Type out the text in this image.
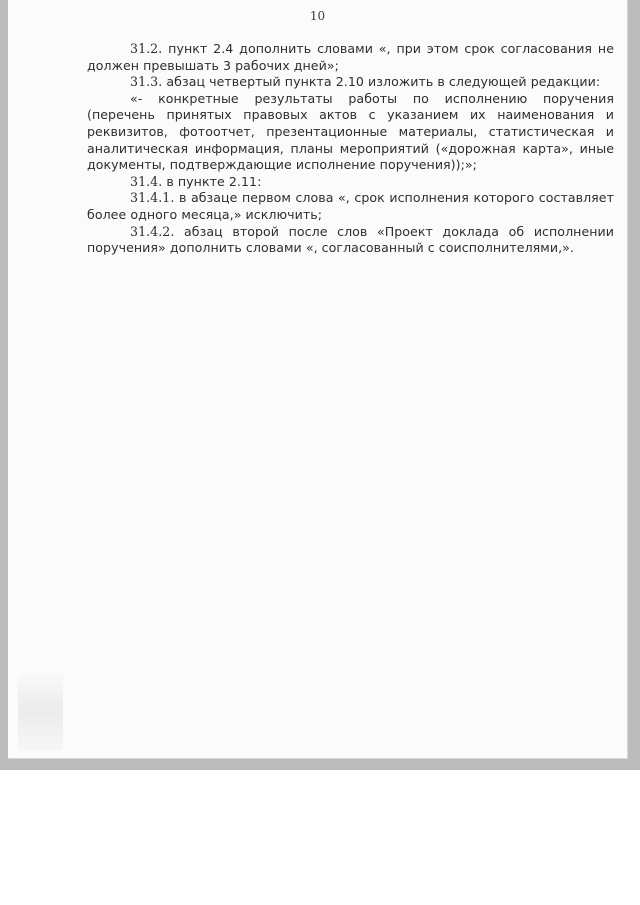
10

31.2. пункт 2.4 дополнить словами «, при этом срок согласования не должен превышать 3 рабочих дней»;

31.3. абзац четвертый пункта 2.10 изложить в следующей редакции:

«- конкретные результаты работы по исполнению поручения (перечень принятых правовых актов с указанием их наименования и реквизитов, фотоотчет, презентационные материалы, статистическая и аналитическая информация, планы мероприятий («дорожная карта», иные документы, подтверждающие исполнение поручения));»;

31.4. в пункте 2.11:

31.4.1. в абзаце первом слова «, срок исполнения которого составляет более одного месяца,» исключить;

31.4.2. абзац второй после слов «Проект доклада об исполнении поручения» дополнить словами «, согласованный с соисполнителями,».
